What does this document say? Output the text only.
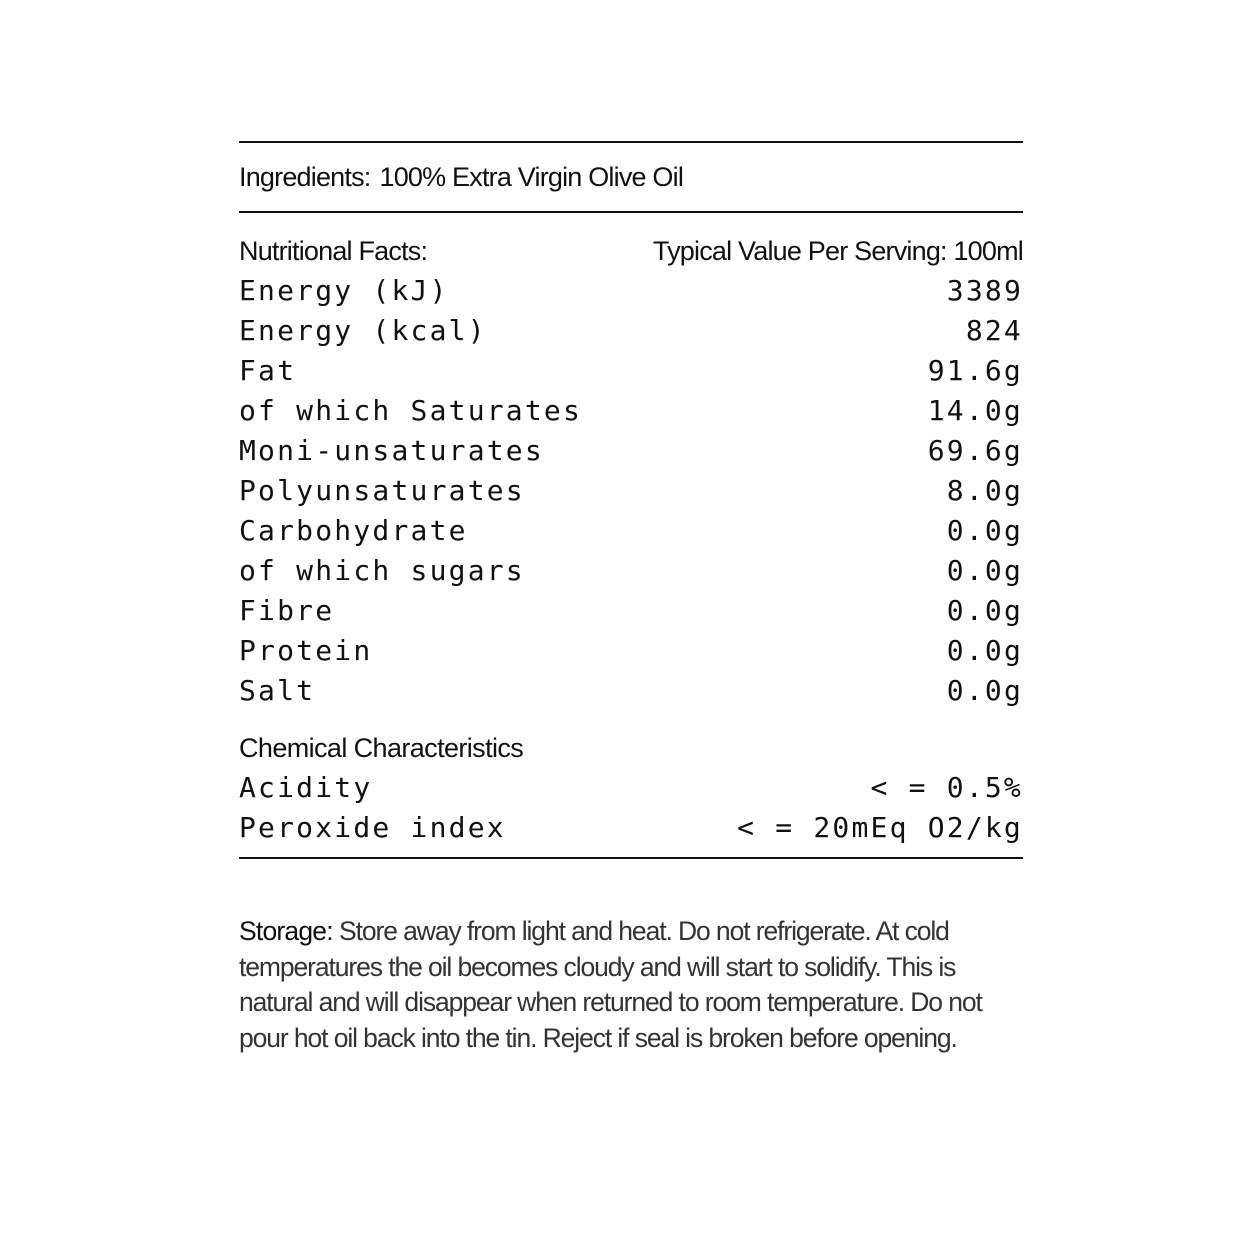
Ingredients: 100% Extra Virgin Olive Oil
Nutritional Facts:	Typical Value Per Serving: 100ml
Energy (kJ)	3389
Energy (kcal)	824
Fat	91.6g
of which Saturates	14.0g
Moni-unsaturates	69.6g
Polyunsaturates	8.0g
Carbohydrate	0.0g
of which sugars	0.0g
Fibre	0.0g
Protein	0.0g
Salt	0.0g
Chemical Characteristics
Acidity	< = 0.5%
Peroxide index	< = 20mEq O2/kg
Storage: Store away from light and heat. Do not refrigerate. At cold temperatures the oil becomes cloudy and will start to solidify. This is natural and will disappear when returned to room temperature. Do not pour hot oil back into the tin. Reject if seal is broken before opening.
